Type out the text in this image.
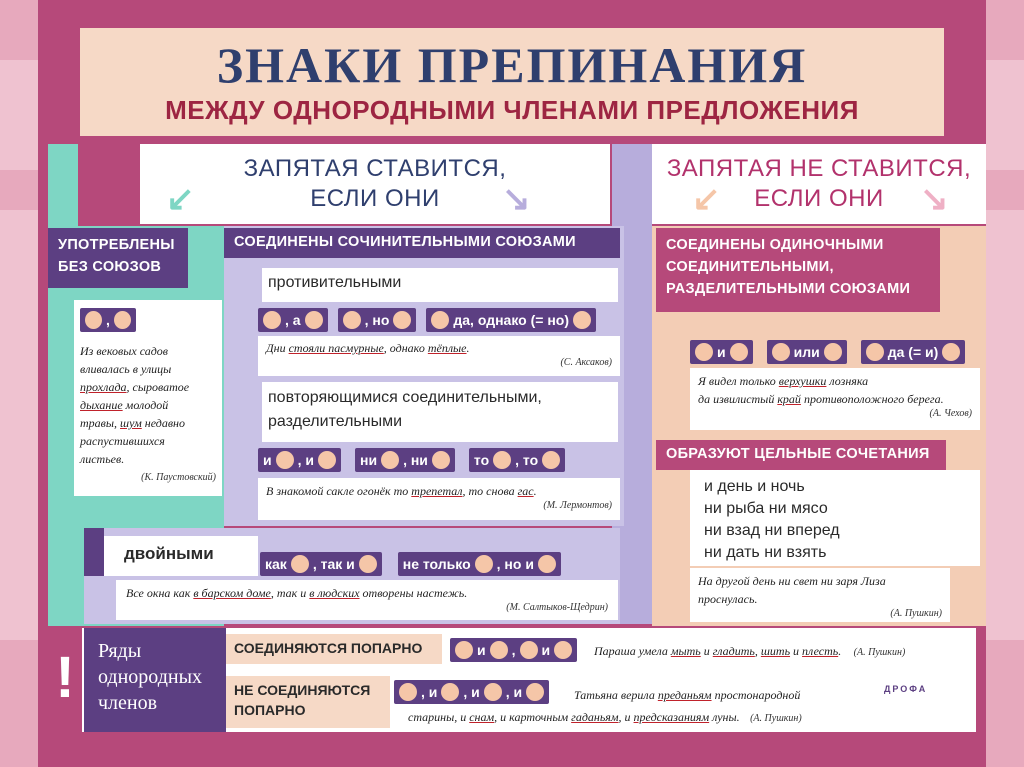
ЗНАКИ ПРЕПИНАНИЯ
МЕЖДУ ОДНОРОДНЫМИ ЧЛЕНАМИ ПРЕДЛОЖЕНИЯ
ЗАПЯТАЯ СТАВИТСЯ,
ЕСЛИ ОНИ
↙	↘
ЗАПЯТАЯ НЕ СТАВИТСЯ,
ЕСЛИ ОНИ
↙	↘
УПОТРЕБЛЕНЫ
БЕЗ СОЮЗОВ
,
Из вековых садов
вливалась в улицы
прохлада, сыроватое
дыхание молодой
травы, шум недавно
распустившихся
листьев.
(К. Паустовский)
СОЕДИНЕНЫ СОЧИНИТЕЛЬНЫМИ СОЮЗАМИ
противительными
, а	, но	да, однако (= но)
Дни стояли пасмурные, однако тёплые.
(С. Аксаков)
повторяющимися соединительными,
разделительными
и , и	ни , ни	то , то
В знакомой сакле огонёк то трепетал, то снова гас.
(М. Лермонтов)
двойными
как , так и	не только , но и
Все окна как в барском доме, так и в людских отворены настежь.
(М. Салтыков-Щедрин)
СОЕДИНЕНЫ ОДИНОЧНЫМИ
СОЕДИНИТЕЛЬНЫМИ,
РАЗДЕЛИТЕЛЬНЫМИ СОЮЗАМИ
и	или	да (= и)
Я видел только верхушки лозняка
да извилистый край противоположного берега.
(А. Чехов)
ОБРАЗУЮТ ЦЕЛЬНЫЕ СОЧЕТАНИЯ
и день и ночь
ни рыба ни мясо
ни взад ни вперед
ни дать ни взять
На другой день ни свет ни заря Лиза
проснулась.
(А. Пушкин)
!	Ряды
однородных
членов
СОЕДИНЯЮТСЯ ПОПАРНО	и , и	Параша умела мыть и гладить, шить и плесть. (А. Пушкин)
НЕ СОЕДИНЯЮТСЯ
ПОПАРНО
, и , и , и	Татьяна верила преданьям простонародной
старины, и снам, и карточным гаданьям, и предсказаниям луны. (А. Пушкин)
ДРОФА
